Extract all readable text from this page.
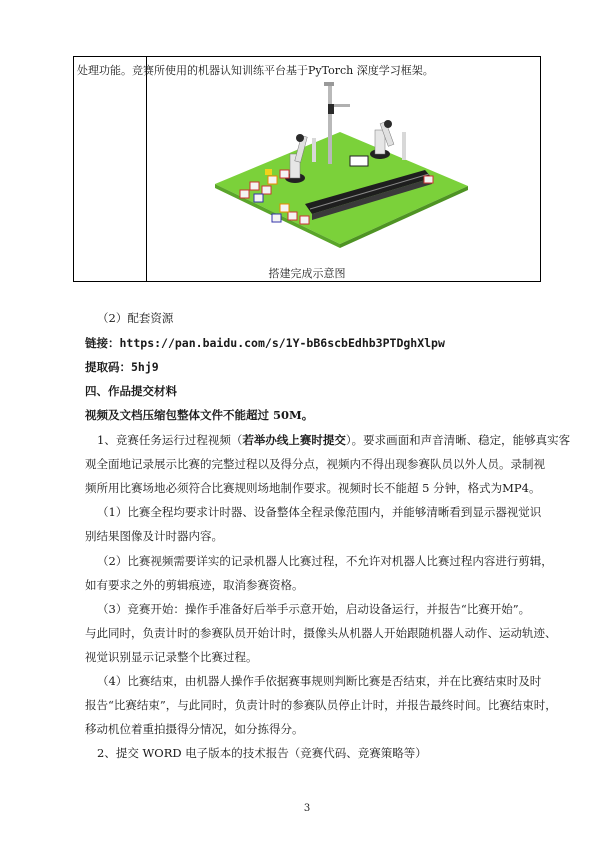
处理功能。竞赛所使用的机器认知训练平台基于PyTorch 深度学习框架。
搭建完成示意图
（2）配套资源
链接：https://pan.baidu.com/s/1Y-bB6scbEdhb3PTDghXlpw
提取码：5hj9
四、作品提交材料
视频及文档压缩包整体文件不能超过 50M。
1、竞赛任务运行过程视频（若举办线上赛时提交）。要求画面和声音清晰、稳定，能够真实客
观全面地记录展示比赛的完整过程以及得分点，视频内不得出现参赛队员以外人员。录制视
频所用比赛场地必须符合比赛规则场地制作要求。视频时长不能超 5 分钟，格式为MP4。
（1）比赛全程均要求计时器、设备整体全程录像范围内，并能够清晰看到显示器视觉识
别结果图像及计时器内容。
（2）比赛视频需要详实的记录机器人比赛过程，不允许对机器人比赛过程内容进行剪辑，
如有要求之外的剪辑痕迹，取消参赛资格。
（3）竞赛开始：操作手准备好后举手示意开始，启动设备运行，并报告“比赛开始”。
与此同时，负责计时的参赛队员开始计时，摄像头从机器人开始跟随机器人动作、运动轨迹、
视觉识别显示记录整个比赛过程。
（4）比赛结束，由机器人操作手依据赛事规则判断比赛是否结束，并在比赛结束时及时
报告“比赛结束”，与此同时，负责计时的参赛队员停止计时，并报告最终时间。比赛结束时，
移动机位着重拍摄得分情况，如分拣得分。
2、提交 WORD 电子版本的技术报告（竞赛代码、竞赛策略等）
3
